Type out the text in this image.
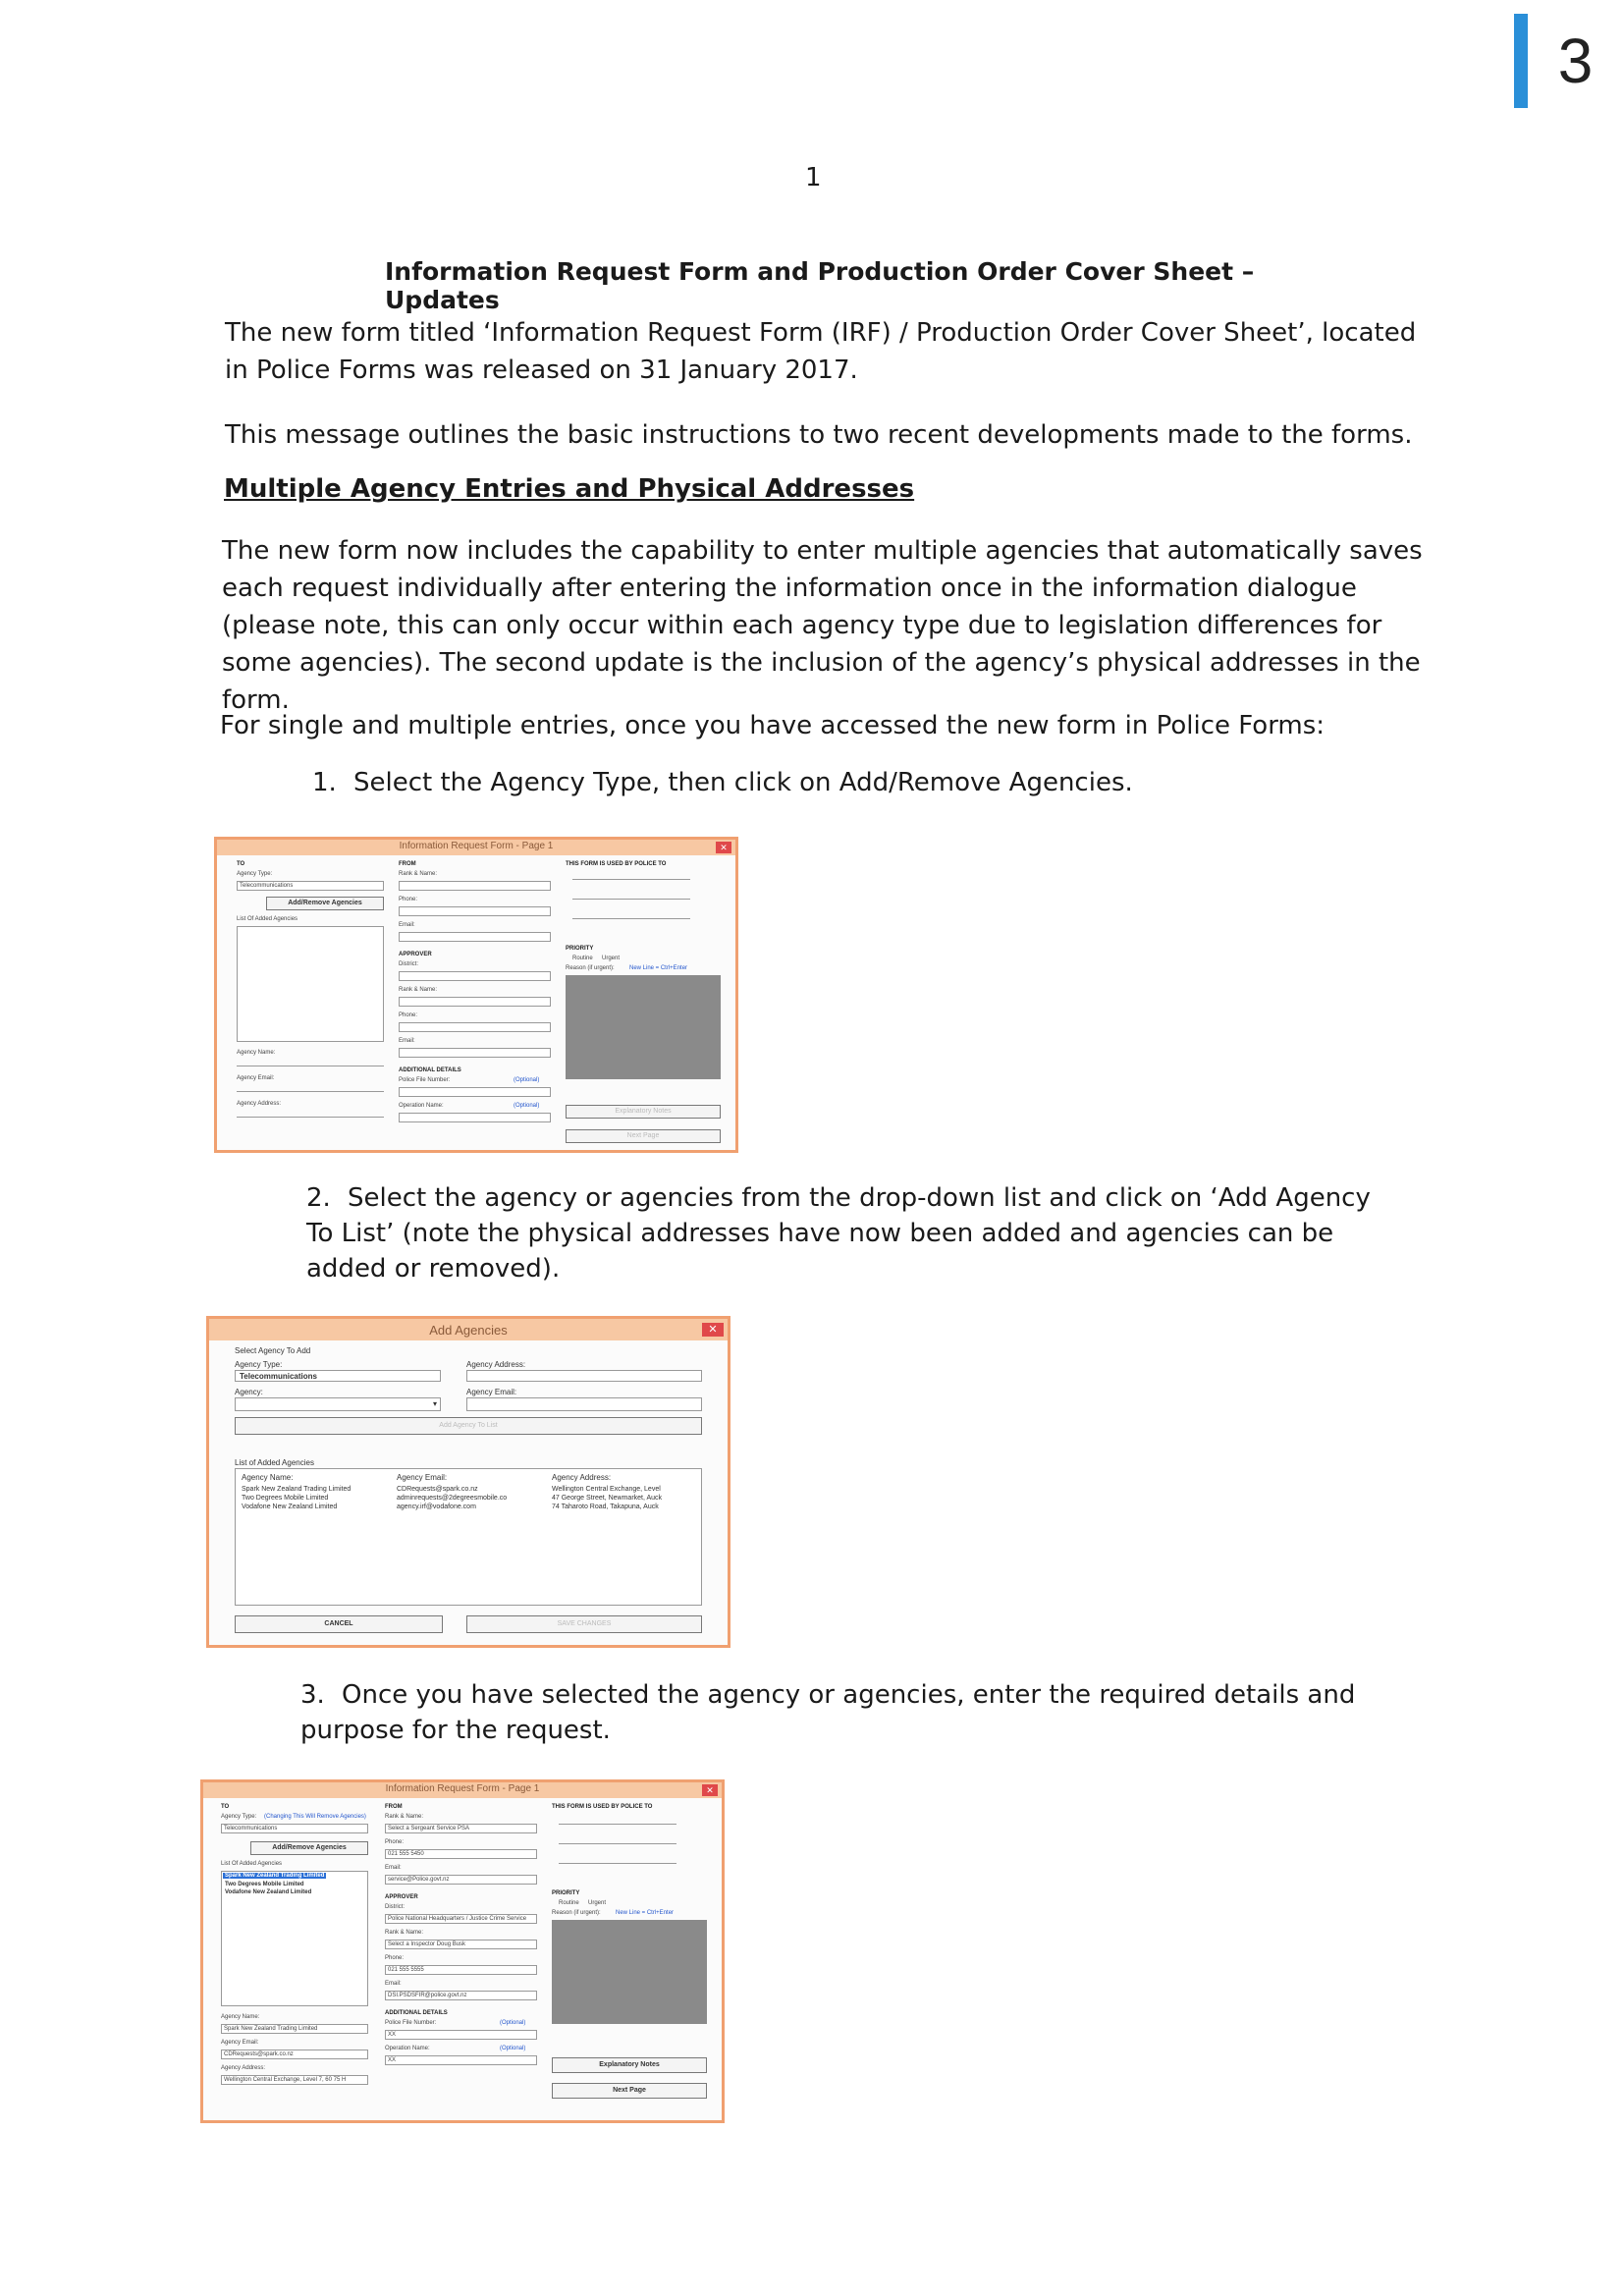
3
1
Information Request Form and Production Order Cover Sheet – Updates
The new form titled ‘Information Request Form (IRF) / Production Order Cover Sheet’, located in Police Forms was released on 31 January 2017.
This message outlines the basic instructions to two recent developments made to the forms.
Multiple Agency Entries and Physical Addresses
The new form now includes the capability to enter multiple agencies that automatically saves each request individually after entering the information once in the information dialogue (please note, this can only occur within each agency type due to legislation differences for some agencies). The second update is the inclusion of the agency’s physical addresses in the form.
For single and multiple entries, once you have accessed the new form in Police Forms:
1. Select the Agency Type, then click on Add/Remove Agencies.
Information Request Form - Page 1	✕
TO
Agency Type:
Telecommunications
Add/Remove Agencies
List Of Added Agencies
Agency Name:
Agency Email:
Agency Address:
FROM
Rank & Name:
Phone:
Email:
APPROVER
District:
Rank & Name:
Phone:
Email:
ADDITIONAL DETAILS
Police File Number:	(Optional)
Operation Name:	(Optional)
THIS FORM IS USED BY POLICE TO
PRIORITY
Routine Urgent
Reason (if urgent):	New Line = Ctrl+Enter
Explanatory Notes
Next Page
2. Select the agency or agencies from the drop-down list and click on ‘Add Agency To List’ (note the physical addresses have now been added and agencies can be added or removed).
Add Agencies	✕
Select Agency To Add
Agency Type:
Telecommunications
Agency:
▾
Agency Address:
Agency Email:
Add Agency To List
List of Added Agencies
Agency Name:	Agency Email:	Agency Address:
Spark New Zealand Trading Limited	CDRequests@spark.co.nz	Wellington Central Exchange, Level
Two Degrees Mobile Limited	adminrequests@2degreesmobile.co	47 George Street, Newmarket, Auck
Vodafone New Zealand Limited	agency.irf@vodafone.com	74 Taharoto Road, Takapuna, Auck
CANCEL	SAVE CHANGES
3. Once you have selected the agency or agencies, enter the required details and purpose for the request.
Information Request Form - Page 1	✕
TO
Agency Type: (Changing This Will Remove Agencies)
Telecommunications
Add/Remove Agencies
List Of Added Agencies
Spark New Zealand Trading Limited
Two Degrees Mobile Limited
Vodafone New Zealand Limited
Agency Name:
Spark New Zealand Trading Limited
Agency Email:
CDRequests@spark.co.nz
Agency Address:
Wellington Central Exchange, Level 7, 60 75 H
FROM
Rank & Name:
Select a Sergeant Service PSA
Phone:
021 555 5450
Email:
service@Police.govt.nz
APPROVER
District:
Police National Headquarters / Justice Crime Service
Rank & Name:
Select a Inspector Doug Busk
Phone:
021 555 5555
Email:
DSI.PSDSFIR@police.govt.nz
ADDITIONAL DETAILS
Police File Number:	(Optional)
XX
Operation Name:	(Optional)
XX
THIS FORM IS USED BY POLICE TO
PRIORITY
Routine Urgent
Reason (if urgent):	New Line = Ctrl+Enter
Explanatory Notes
Next Page
